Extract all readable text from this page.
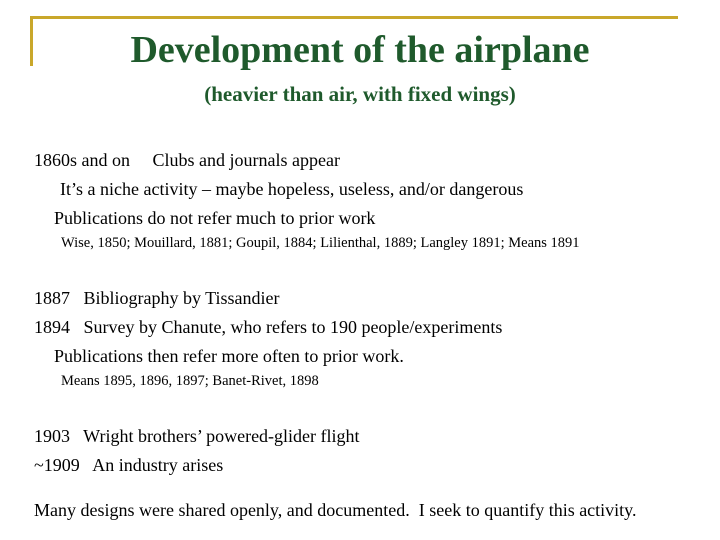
Development of the airplane
(heavier than air, with fixed wings)
1860s and on     Clubs and journals appear
It’s a niche activity – maybe hopeless, useless, and/or dangerous
Publications do not refer much to prior work
Wise, 1850; Mouillard, 1881; Goupil, 1884; Lilienthal, 1889; Langley 1891; Means 1891
1887   Bibliography by Tissandier
1894   Survey by Chanute, who refers to 190 people/experiments
Publications then refer more often to prior work.
Means 1895, 1896, 1897; Banet-Rivet, 1898
1903   Wright brothers’ powered-glider flight
~1909   An industry arises
Many designs were shared openly, and documented.  I seek to quantify this activity.
